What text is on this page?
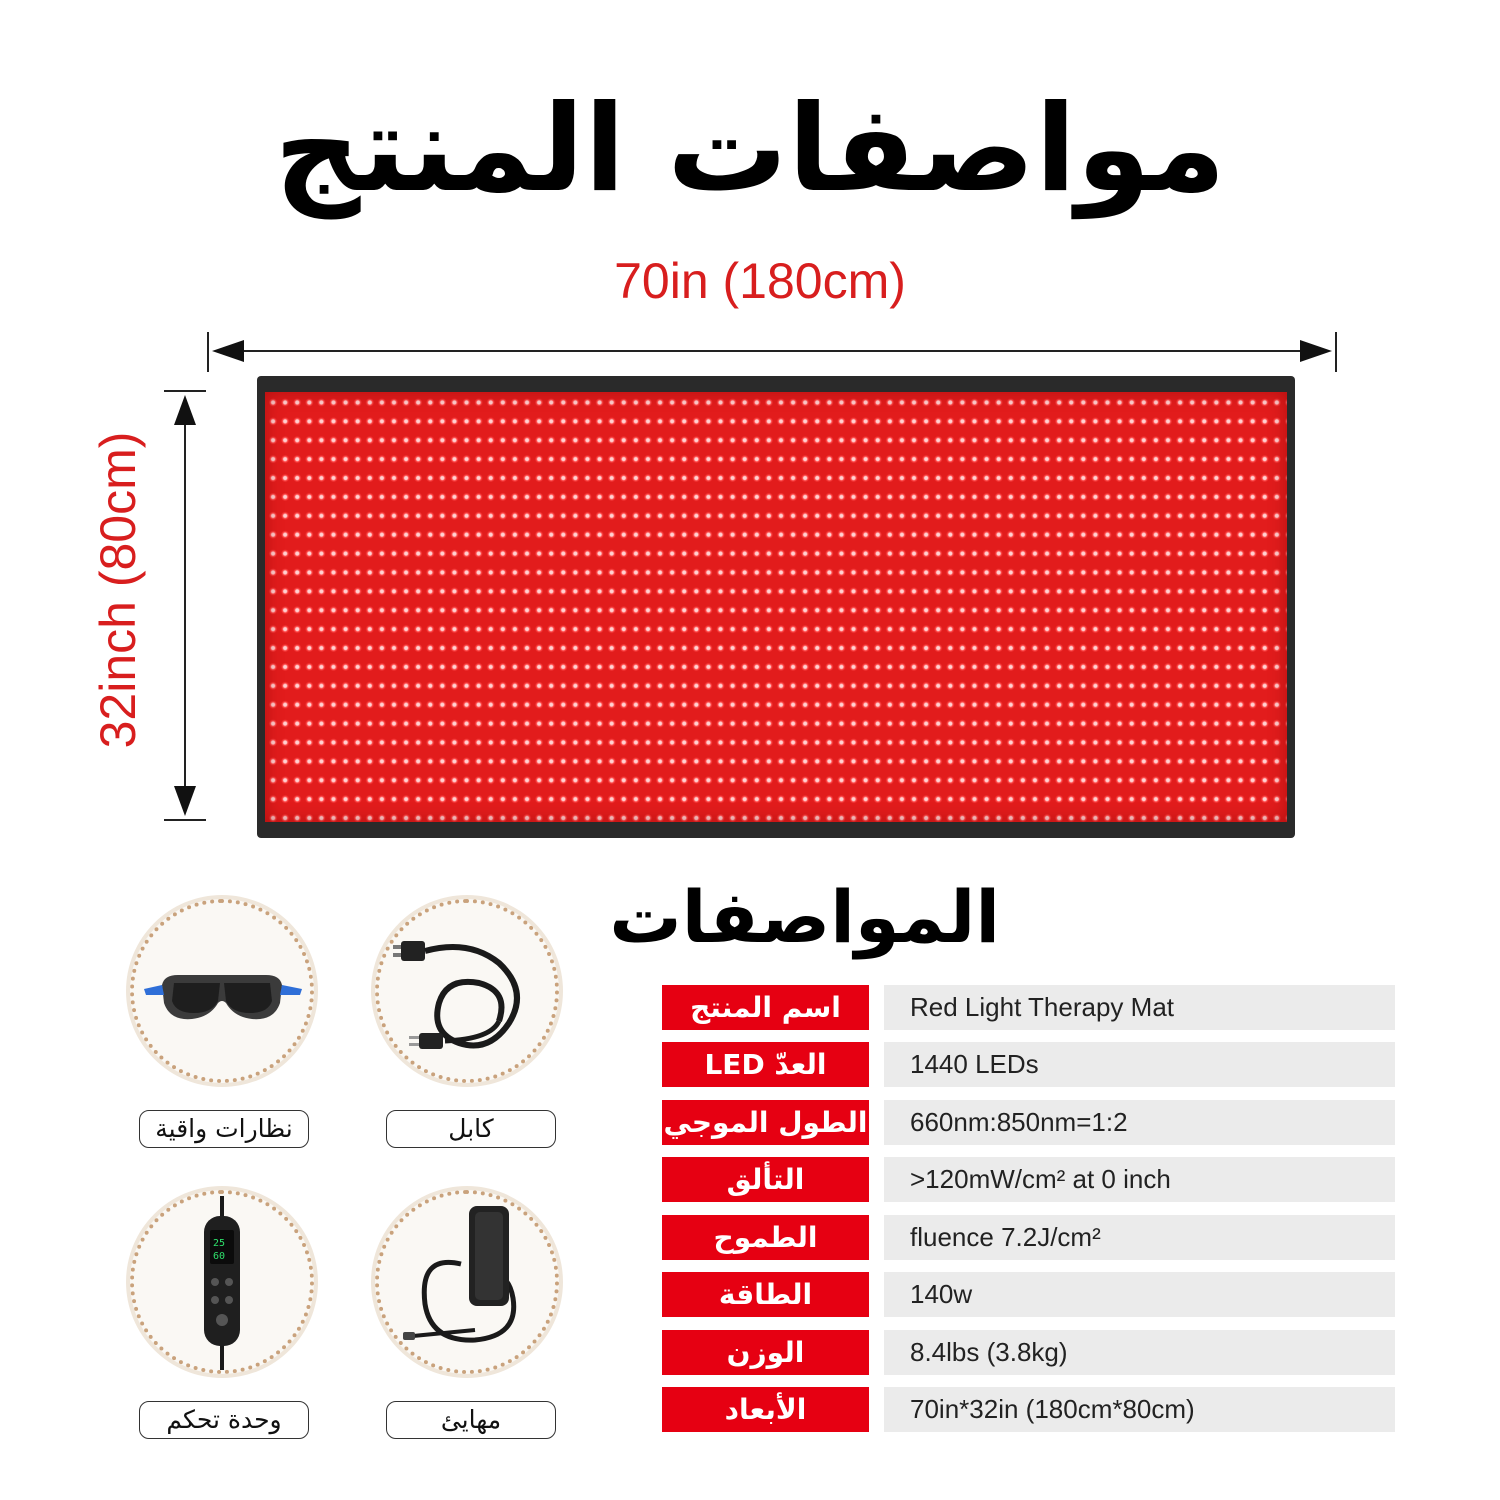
مواصفات المنتج
70in (180cm)
32inch (80cm)
المواصفات
اسم المنتج	Red Light Therapy Mat
العدّ LED	1440 LEDs
الطول الموجي	660nm:850nm=1:2
التألق	>120mW/cm² at 0 inch
الطموح	fluence 7.2J/cm²
الطاقة	140w
الوزن	8.4lbs (3.8kg)
الأبعاد	70in*32in (180cm*80cm)
25
60
نظارات واقية	كابل
وحدة تحكم	مهايئ
